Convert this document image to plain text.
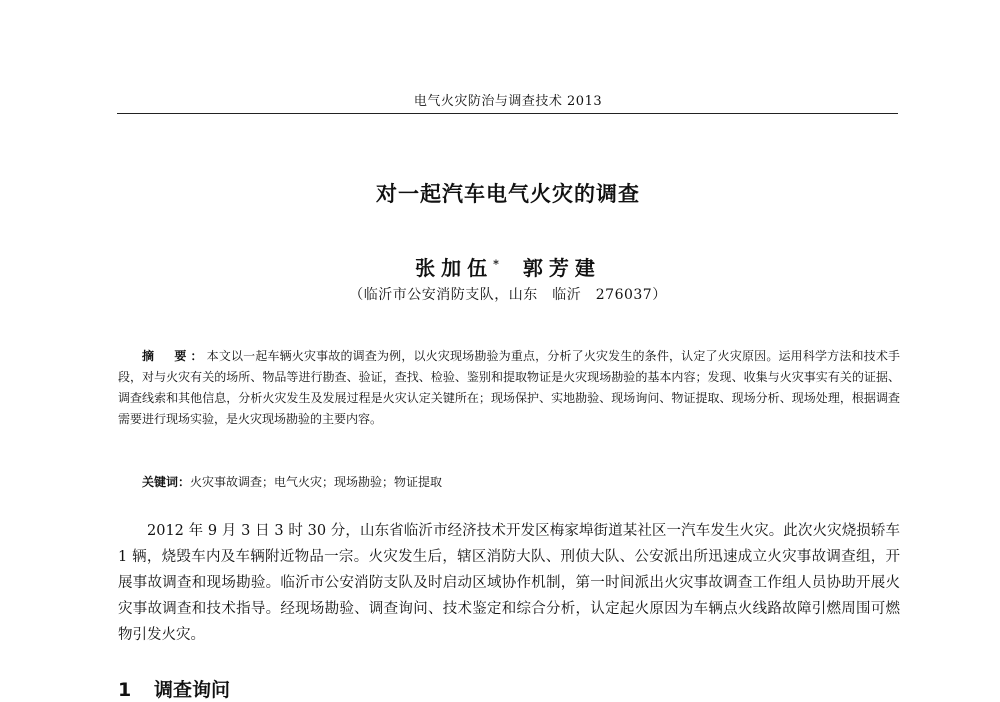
电气火灾防治与调查技术 2013
对一起汽车电气火灾的调查
张加伍* 郭芳建
（临沂市公安消防支队，山东　临沂　276037）

摘　要：本文以一起车辆火灾事故的调查为例，以火灾现场勘验为重点，分析了火灾发生的条件，认定了火灾原因。运用科学方法和技术手段，对与火灾有关的场所、物品等进行勘查、验证，查找、检验、鉴别和提取物证是火灾现场勘验的基本内容；发现、收集与火灾事实有关的证据、调查线索和其他信息，分析火灾发生及发展过程是火灾认定关键所在；现场保护、实地勘验、现场询问、物证提取、现场分析、现场处理，根据调查需要进行现场实验，是火灾现场勘验的主要内容。

关键词：火灾事故调查；电气火灾；现场勘验；物证提取

2012 年 9 月 3 日 3 时 30 分，山东省临沂市经济技术开发区梅家埠街道某社区一汽车发生火灾。此次火灾烧损轿车 1 辆，烧毁车内及车辆附近物品一宗。火灾发生后，辖区消防大队、刑侦大队、公安派出所迅速成立火灾事故调查组，开展事故调查和现场勘验。临沂市公安消防支队及时启动区域协作机制，第一时间派出火灾事故调查工作组人员协助开展火灾事故调查和技术指导。经现场勘验、调查询问、技术鉴定和综合分析，认定起火原因为车辆点火线路故障引燃周围可燃物引发火灾。

1 调查询问
